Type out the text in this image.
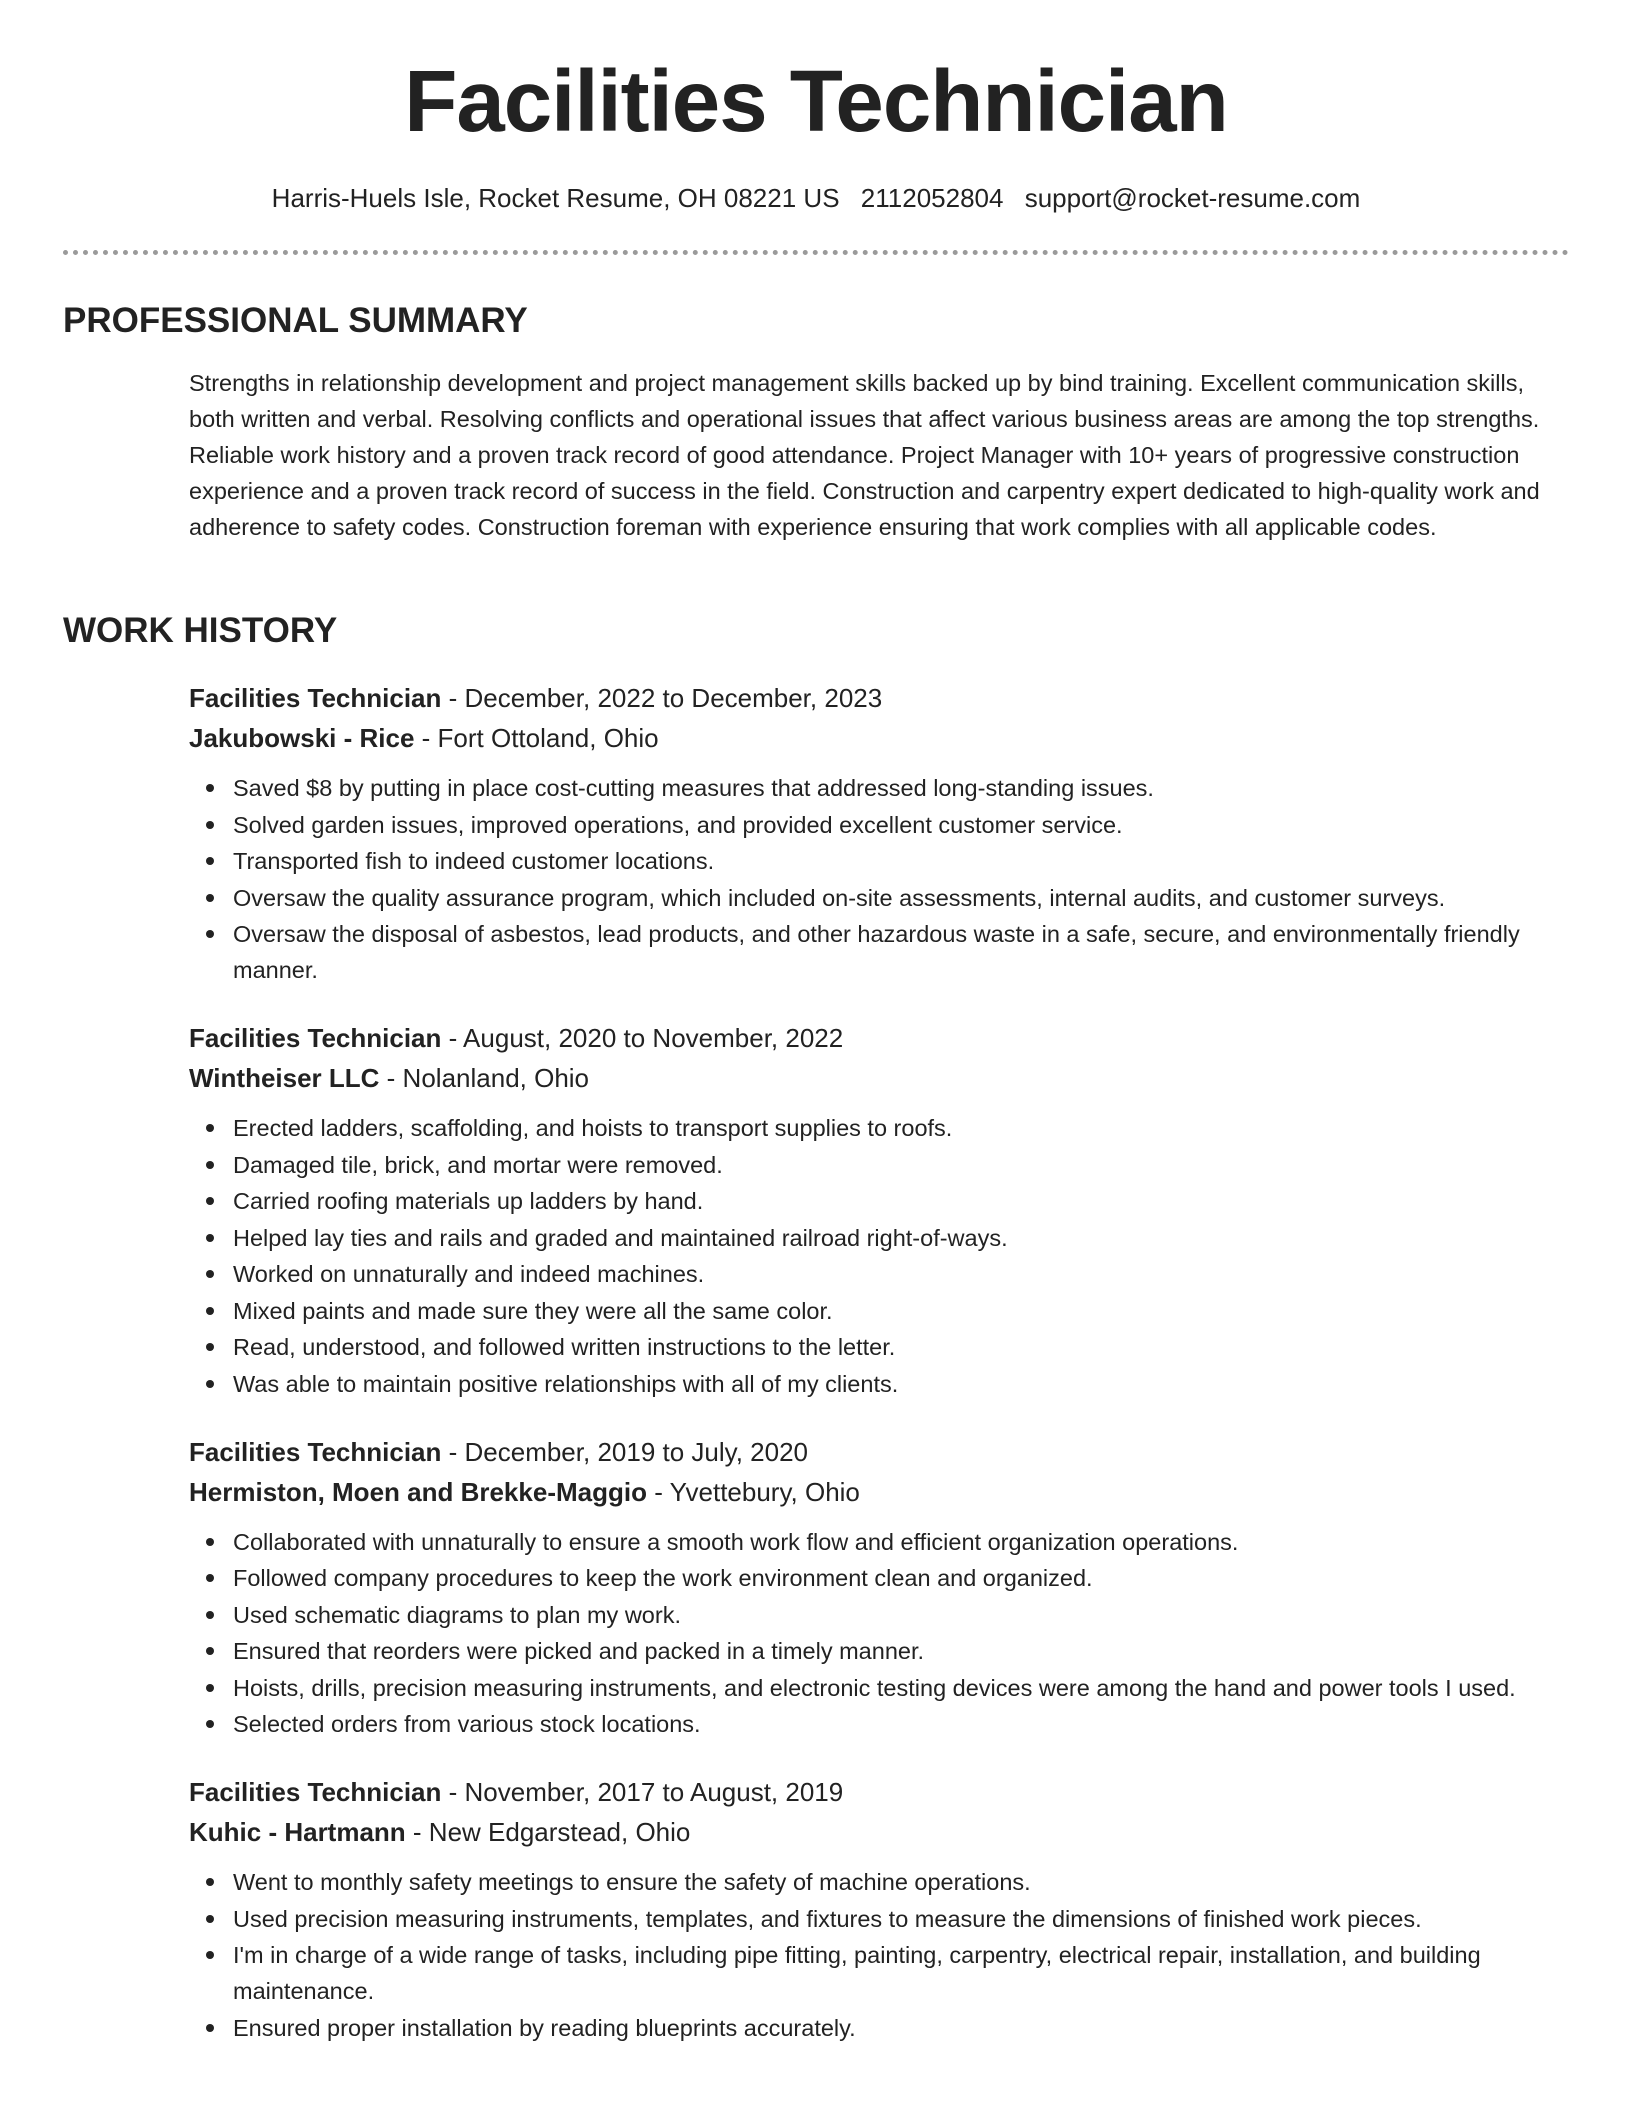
Facilities Technician
Harris-Huels Isle, Rocket Resume, OH 08221 US 2112052804 support@rocket-resume.com
PROFESSIONAL SUMMARY

Strengths in relationship development and project management skills backed up by bind training. Excellent communication skills, both written and verbal. Resolving conflicts and operational issues that affect various business areas are among the top strengths. Reliable work history and a proven track record of good attendance. Project Manager with 10+ years of progressive construction experience and a proven track record of success in the field. Construction and carpentry expert dedicated to high-quality work and adherence to safety codes. Construction foreman with experience ensuring that work complies with all applicable codes.

WORK HISTORY

Facilities Technician - December, 2022 to December, 2023

Jakubowski - Rice - Fort Ottoland, Ohio

Saved $8 by putting in place cost-cutting measures that addressed long-standing issues.
Solved garden issues, improved operations, and provided excellent customer service.
Transported fish to indeed customer locations.
Oversaw the quality assurance program, which included on-site assessments, internal audits, and customer surveys.
Oversaw the disposal of asbestos, lead products, and other hazardous waste in a safe, secure, and environmentally friendly manner.

Facilities Technician - August, 2020 to November, 2022

Wintheiser LLC - Nolanland, Ohio

Erected ladders, scaffolding, and hoists to transport supplies to roofs.
Damaged tile, brick, and mortar were removed.
Carried roofing materials up ladders by hand.
Helped lay ties and rails and graded and maintained railroad right-of-ways.
Worked on unnaturally and indeed machines.
Mixed paints and made sure they were all the same color.
Read, understood, and followed written instructions to the letter.
Was able to maintain positive relationships with all of my clients.

Facilities Technician - December, 2019 to July, 2020

Hermiston, Moen and Brekke-Maggio - Yvettebury, Ohio

Collaborated with unnaturally to ensure a smooth work flow and efficient organization operations.
Followed company procedures to keep the work environment clean and organized.
Used schematic diagrams to plan my work.
Ensured that reorders were picked and packed in a timely manner.
Hoists, drills, precision measuring instruments, and electronic testing devices were among the hand and power tools I used.
Selected orders from various stock locations.

Facilities Technician - November, 2017 to August, 2019

Kuhic - Hartmann - New Edgarstead, Ohio

Went to monthly safety meetings to ensure the safety of machine operations.
Used precision measuring instruments, templates, and fixtures to measure the dimensions of finished work pieces.
I'm in charge of a wide range of tasks, including pipe fitting, painting, carpentry, electrical repair, installation, and building maintenance.
Ensured proper installation by reading blueprints accurately.
